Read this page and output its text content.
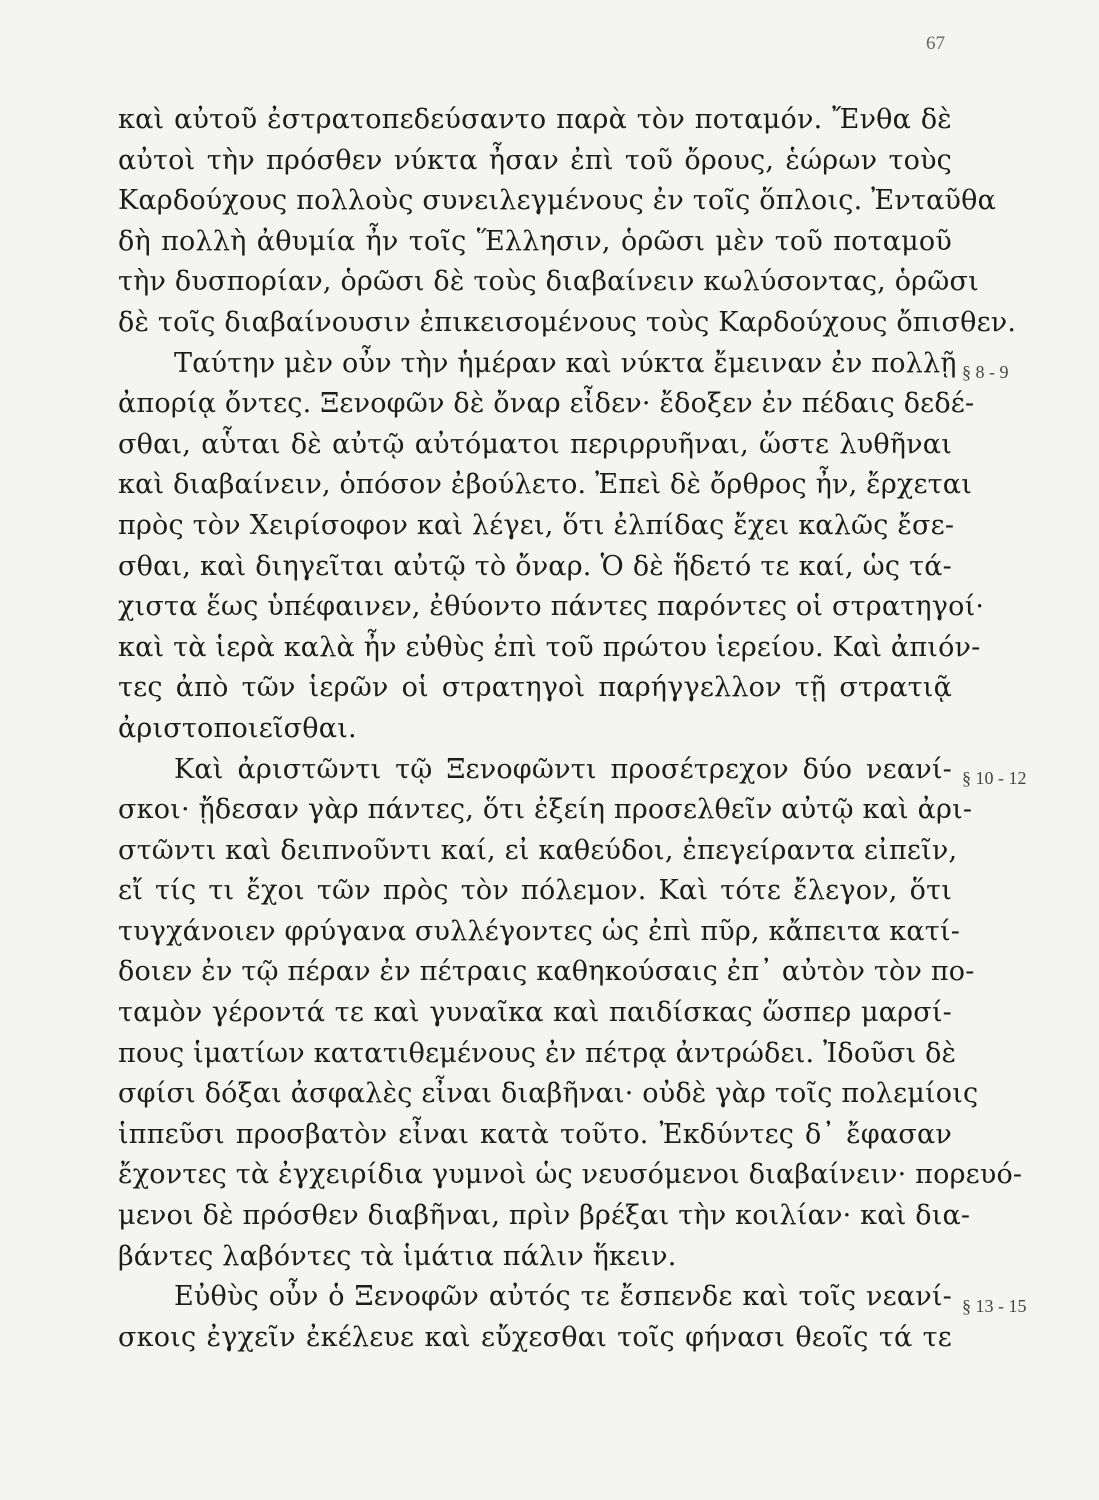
67
καὶ αὐτοῦ ἐστρατοπεδεύσαντο παρὰ τὸν ποταμόν. Ἔνθα δὲ
αὐτοὶ τὴν πρόσθεν νύκτα ἦσαν ἐπὶ τοῦ ὄρους, ἑώρων τοὺς
Καρδούχους πολλοὺς συνειλεγμένους ἐν τοῖς ὅπλοις. Ἐνταῦθα
δὴ πολλὴ ἀθυμία ἦν τοῖς Ἕλλησιν, ὁρῶσι μὲν τοῦ ποταμοῦ
τὴν δυσπορίαν, ὁρῶσι δὲ τοὺς διαβαίνειν κωλύσοντας, ὁρῶσι
δὲ τοῖς διαβαίνουσιν ἐπικεισομένους τοὺς Καρδούχους ὄπισθεν.
Ταύτην μὲν οὖν τὴν ἡμέραν καὶ νύκτα ἔμειναν ἐν πολλῇ
ἀπορίᾳ ὄντες. Ξενοφῶν δὲ ὄναρ εἶδεν· ἔδοξεν ἐν πέδαις δεδέ-
σθαι, αὗται δὲ αὐτῷ αὐτόματοι περιρρυῆναι, ὥστε λυθῆναι
καὶ διαβαίνειν, ὁπόσον ἐβούλετο. Ἐπεὶ δὲ ὄρθρος ἦν, ἔρχεται
πρὸς τὸν Χειρίσοφον καὶ λέγει, ὅτι ἐλπίδας ἔχει καλῶς ἔσε-
σθαι, καὶ διηγεῖται αὐτῷ τὸ ὄναρ. Ὁ δὲ ἥδετό τε καί, ὡς τά-
χιστα ἕως ὑπέφαινεν, ἐθύοντο πάντες παρόντες οἱ στρατηγοί·
καὶ τὰ ἱερὰ καλὰ ἦν εὐθὺς ἐπὶ τοῦ πρώτου ἱερείου. Καὶ ἀπιόν-
τες ἀπὸ τῶν ἱερῶν οἱ στρατηγοὶ παρήγγελλον τῇ στρατιᾷ
ἀριστοποιεῖσθαι.
Καὶ ἀριστῶντι τῷ Ξενοφῶντι προσέτρεχον δύο νεανί-
σκοι· ᾔδεσαν γὰρ πάντες, ὅτι ἐξείη προσελθεῖν αὐτῷ καὶ ἀρι-
στῶντι καὶ δειπνοῦντι καί, εἰ καθεύδοι, ἐπεγείραντα εἰπεῖν,
εἴ τίς τι ἔχοι τῶν πρὸς τὸν πόλεμον. Καὶ τότε ἔλεγον, ὅτι
τυγχάνοιεν φρύγανα συλλέγοντες ὡς ἐπὶ πῦρ, κἄπειτα κατί-
δοιεν ἐν τῷ πέραν ἐν πέτραις καθηκούσαις ἐπ᾽ αὐτὸν τὸν πο-
ταμὸν γέροντά τε καὶ γυναῖκα καὶ παιδίσκας ὥσπερ μαρσί-
πους ἱματίων κατατιθεμένους ἐν πέτρᾳ ἀντρώδει. Ἰδοῦσι δὲ
σφίσι δόξαι ἀσφαλὲς εἶναι διαβῆναι· οὐδὲ γὰρ τοῖς πολεμίοις
ἱππεῦσι προσβατὸν εἶναι κατὰ τοῦτο. Ἐκδύντες δ᾽ ἔφασαν
ἔχοντες τὰ ἐγχειρίδια γυμνοὶ ὡς νευσόμενοι διαβαίνειν· πορευό-
μενοι δὲ πρόσθεν διαβῆναι, πρὶν βρέξαι τὴν κοιλίαν· καὶ δια-
βάντες λαβόντες τὰ ἱμάτια πάλιν ἥκειν.
Εὐθὺς οὖν ὁ Ξενοφῶν αὐτός τε ἔσπενδε καὶ τοῖς νεανί-
σκοις ἐγχεῖν ἐκέλευε καὶ εὔχεσθαι τοῖς φήνασι θεοῖς τά τε
§ 8 - 9
§ 10 - 12
§ 13 - 15
